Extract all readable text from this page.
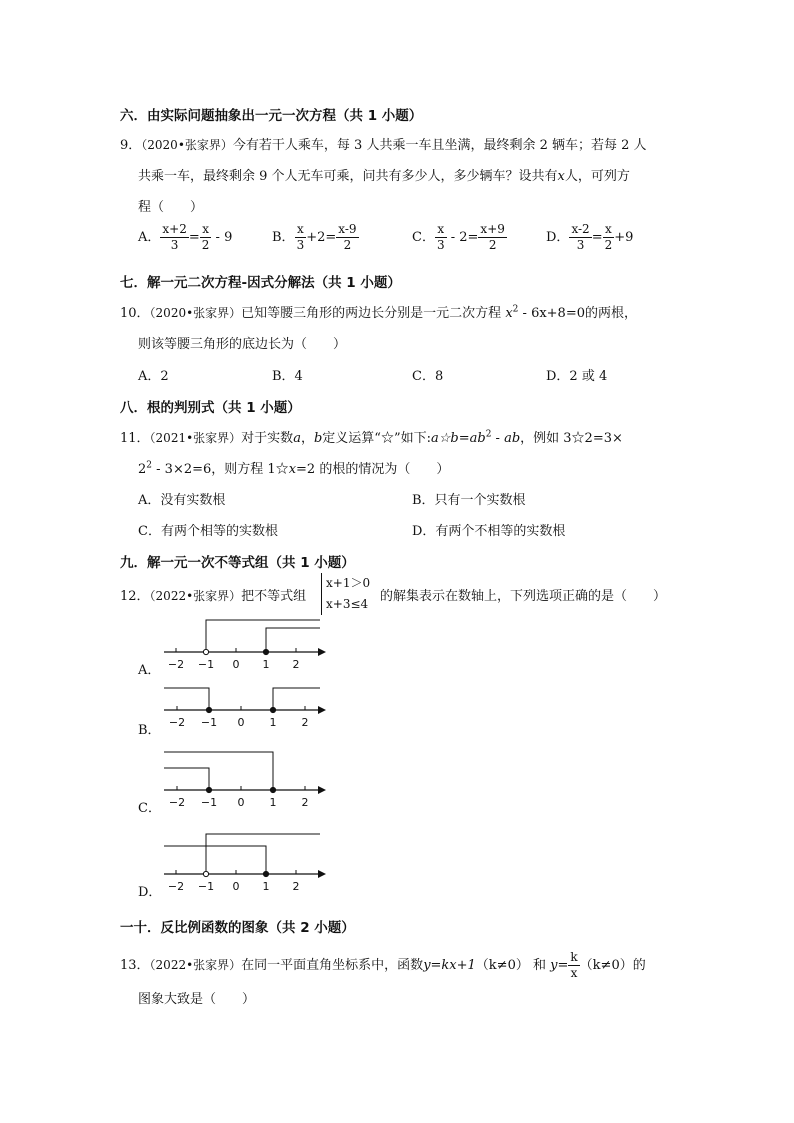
六．由实际问题抽象出一元一次方程（共 1 小题）
9．（2020•张家界）今有若干人乘车，每 3 人共乘一车且坐满，最终剩余 2 辆车；若每 2 人
共乘一车，最终剩余 9 个人无车可乘，问共有多少人，多少辆车？设共有x人，可列方
程（　　）
A． $\frac{x+2}{3} = \frac{x}{2} - 9$	B． $\frac{x}{3} +2= \frac{x-9}{2}$	C． $\frac{x}{3} - 2= \frac{x+9}{2}$	D． $\frac{x-2}{3} = \frac{x}{2} +9$
七．解一元二次方程-因式分解法（共 1 小题）
10．（2020•张家界）已知等腰三角形的两边长分别是一元二次方程 $x^2 - 6x+8=0$的两根，
则该等腰三角形的底边长为（　　）
A．2	B．4	C．8	D．2 或 4
八．根的判别式（共 1 小题）
11．（2021•张家界）对于实数a，b定义运算“☆”如下$:a☆b=ab^2$ - ab，例如 3☆2=3×
$2^2 - 3\times 2=6$，则方程 1☆x=2 的根的情况为（　　）
A．没有实数根	B．只有一个实数根
C．有两个相等的实数根	D．有两个不相等的实数根
九．解一元一次不等式组（共 1 小题）
12．（2022•张家界）把不等式组
x+1＞0
x+3≤4 的解集表示在数轴上，下列选项正确的是（　　）
A． −2 −1 0 1 2
B．
−2 −1 0 1 2
C． −2 −1 0 1 2
D． −2 −1 0 1 2
一十．反比例函数的图象（共 2 小题）
13．（2022•张家界）在同一平面直角坐标系中，函数y=kx+1（k≠0） 和 $y= \frac{k}{x} (k\ne 0)$的
图象大致是（　　）
